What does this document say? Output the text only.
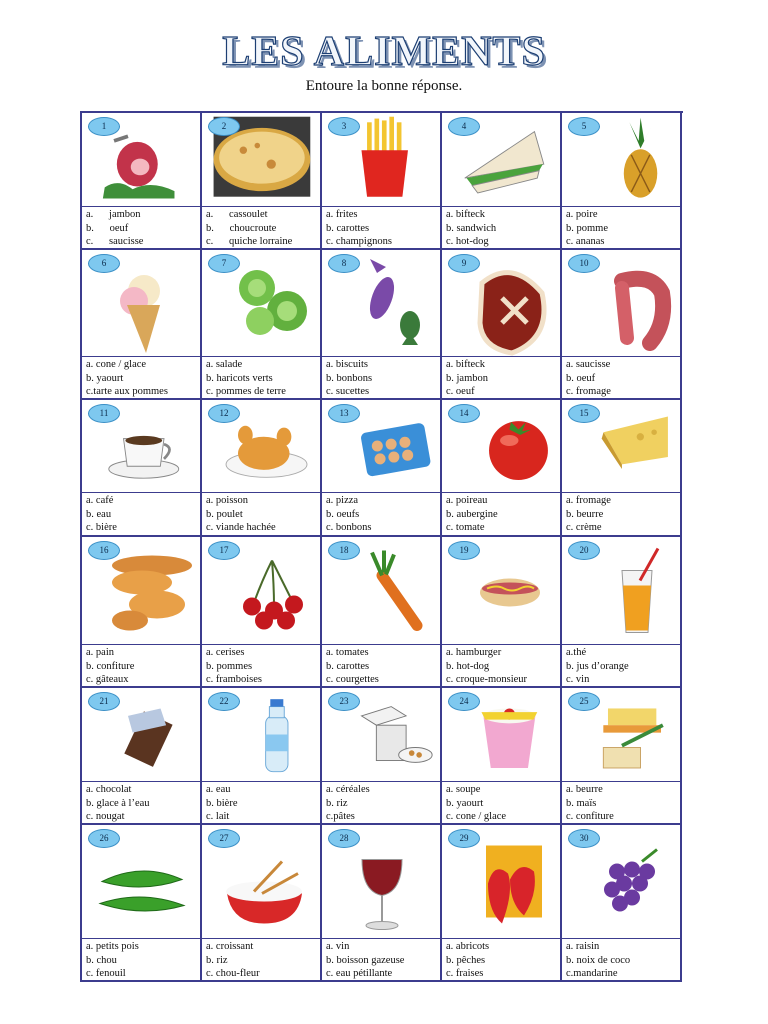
LES ALIMENTS
Entoure la bonne réponse.
1
a.      jambon
b.      oeuf
c.      saucisse
2
a.      cassoulet
b.      choucroute
c.      quiche lorraine
3
a. frites
b. carottes
c. champignons
4
a. bifteck
b. sandwich
c. hot-dog
5
a. poire
b. pomme
c. ananas
6
a. cone / glace
b. yaourt
c.tarte aux pommes
7
a. salade
b. haricots verts
c. pommes de terre
8
a. biscuits
b. bonbons
c. sucettes
9
a. bifteck
b. jambon
c. oeuf
10
a. saucisse
b. oeuf
c. fromage
11
a. café
b. eau
c. bière
12
a. poisson
b. poulet
c. viande hachée
13
a. pizza
b. oeufs
c. bonbons
14
a. poireau
b. aubergine
c. tomate
15
a. fromage
b. beurre
c. crème
16
a. pain
b. confiture
c. gâteaux
17
a. cerises
b. pommes
c. framboises
18
a. tomates
b. carottes
c. courgettes
19
a. hamburger
b. hot-dog
c. croque-monsieur
20
a.thé
b. jus d’orange
c. vin
21
a. chocolat
b. glace à l’eau
c. nougat
22
a. eau
b. bière
c. lait
23
a. céréales
b. riz
c.pâtes
24
a. soupe
b. yaourt
c. cone / glace
25
a. beurre
b. maïs
c. confiture
26
a. petits pois
b. chou
c. fenouil
27
a. croissant
b. riz
c. chou-fleur
28
a. vin
b. boisson gazeuse
c. eau pétillante
29
a. abricots
b. pêches
c. fraises
30
a. raisin
b. noix de coco
c.mandarine
